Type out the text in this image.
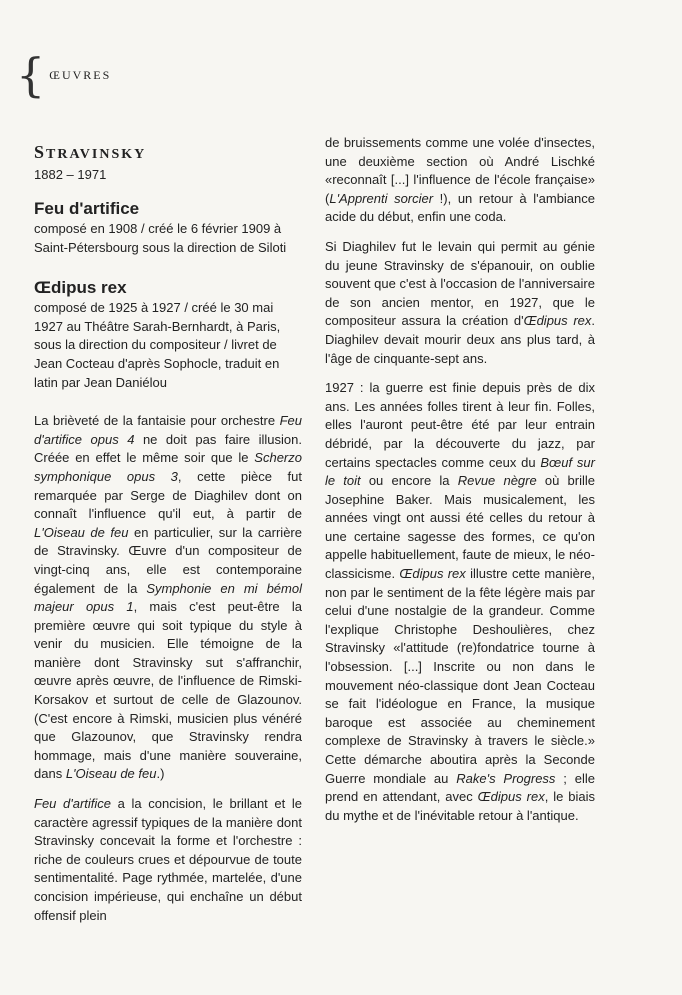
{ ŒUVRES
STRAVINSKY
1882 – 1971
Feu d'artifice
composé en 1908 / créé le 6 février 1909 à Saint-Pétersbourg sous la direction de Siloti
Œdipus rex
composé de 1925 à 1927 / créé le 30 mai 1927 au Théâtre Sarah-Bernhardt, à Paris, sous la direction du compositeur / livret de Jean Cocteau d'après Sophocle, traduit en latin par Jean Daniélou

La brièveté de la fantaisie pour orchestre Feu d'artifice opus 4 ne doit pas faire illusion. Créée en effet le même soir que le Scherzo symphonique opus 3, cette pièce fut remarquée par Serge de Diaghilev dont on connaît l'influence qu'il eut, à partir de L'Oiseau de feu en particulier, sur la carrière de Stravinsky. Œuvre d'un compositeur de vingt-cinq ans, elle est contemporaine également de la Symphonie en mi bémol majeur opus 1, mais c'est peut-être la première œuvre qui soit typique du style à venir du musicien. Elle témoigne de la manière dont Stravinsky sut s'affranchir, œuvre après œuvre, de l'influence de Rimski-Korsakov et surtout de celle de Glazounov. (C'est encore à Rimski, musicien plus vénéré que Glazounov, que Stravinsky rendra hommage, mais d'une manière souveraine, dans L'Oiseau de feu.)

Feu d'artifice a la concision, le brillant et le caractère agressif typiques de la manière dont Stravinsky concevait la forme et l'orchestre : riche de couleurs crues et dépourvue de toute sentimentalité. Page rythmée, martelée, d'une concision impérieuse, qui enchaîne un début offensif plein

de bruissements comme une volée d'insectes, une deuxième section où André Lischké «reconnaît [...] l'influence de l'école française» (L'Apprenti sorcier !), un retour à l'ambiance acide du début, enfin une coda.

Si Diaghilev fut le levain qui permit au génie du jeune Stravinsky de s'épanouir, on oublie souvent que c'est à l'occasion de l'anniversaire de son ancien mentor, en 1927, que le compositeur assura la création d'Œdipus rex. Diaghilev devait mourir deux ans plus tard, à l'âge de cinquante-sept ans.

1927 : la guerre est finie depuis près de dix ans. Les années folles tirent à leur fin. Folles, elles l'auront peut-être été par leur entrain débridé, par la découverte du jazz, par certains spectacles comme ceux du Bœuf sur le toit ou encore la Revue nègre où brille Josephine Baker. Mais musicalement, les années vingt ont aussi été celles du retour à une certaine sagesse des formes, ce qu'on appelle habituellement, faute de mieux, le néo-classicisme. Œdipus rex illustre cette manière, non par le sentiment de la fête légère mais par celui d'une nostalgie de la grandeur. Comme l'explique Christophe Deshoulières, chez Stravinsky «l'attitude (re)fondatrice tourne à l'obsession. [...] Inscrite ou non dans le mouvement néo-classique dont Jean Cocteau se fait l'idéologue en France, la musique baroque est associée au cheminement complexe de Stravinsky à travers le siècle.» Cette démarche aboutira après la Seconde Guerre mondiale au Rake's Progress ; elle prend en attendant, avec Œdipus rex, le biais du mythe et de l'inévitable retour à l'antique.
